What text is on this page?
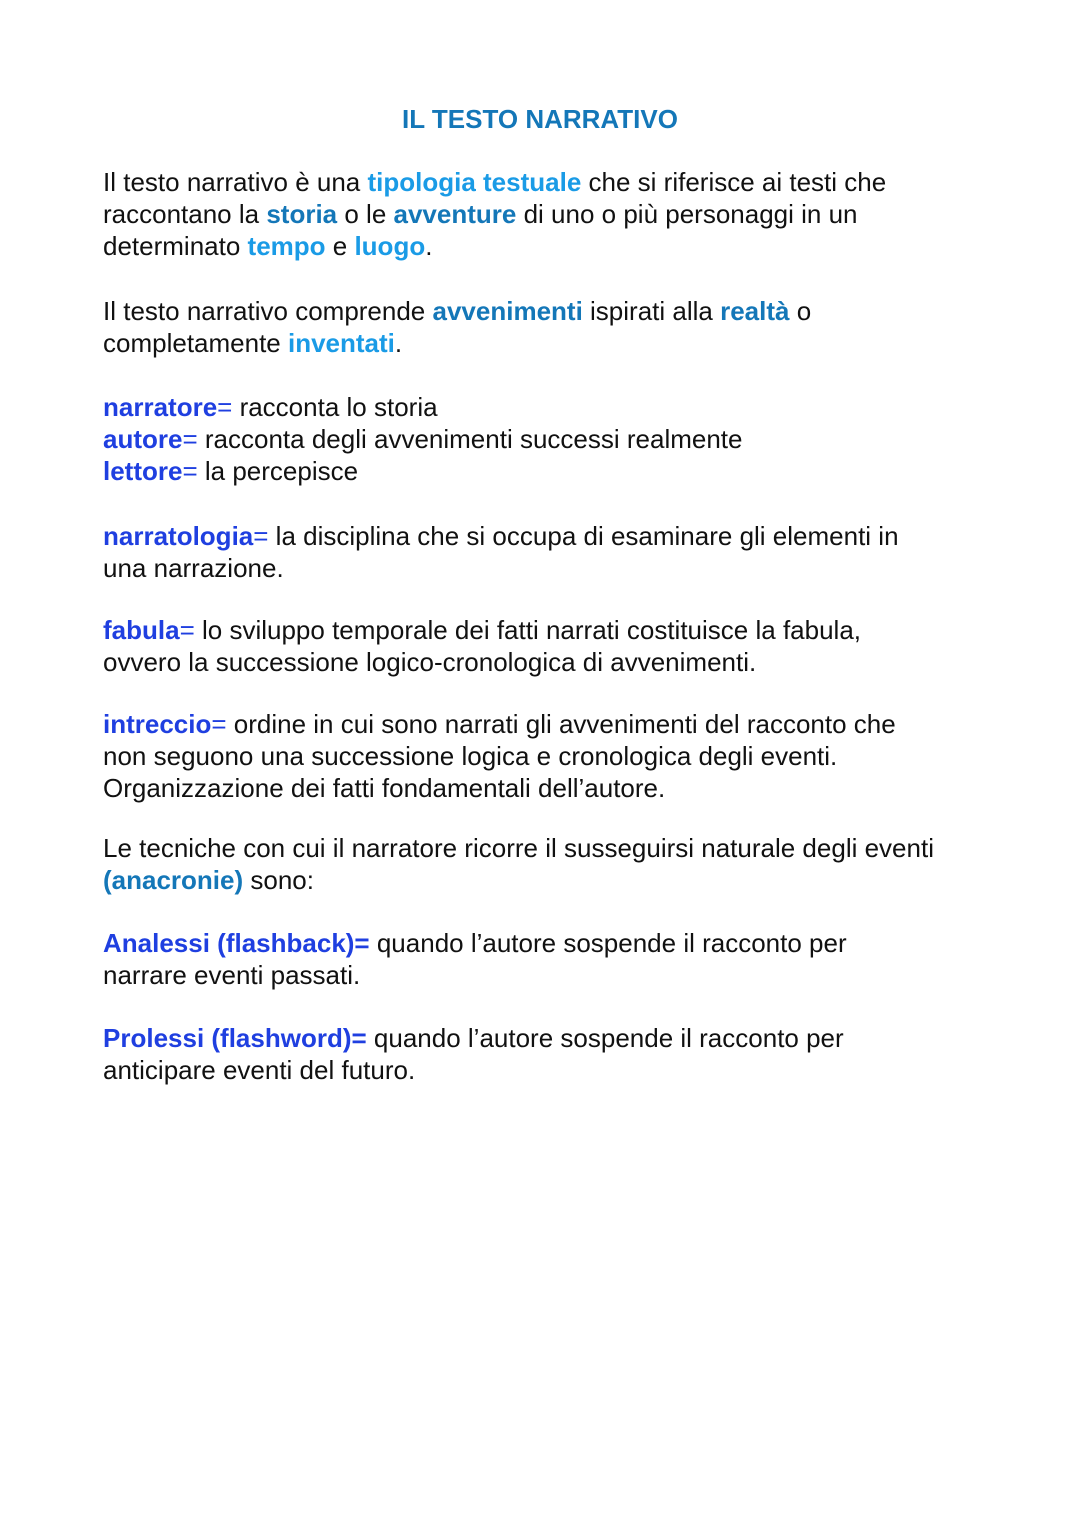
IL TESTO NARRATIVO

Il testo narrativo è una tipologia testuale che si riferisce ai testi che
raccontano la storia o le avventure di uno o più personaggi in un
determinato tempo e luogo.

Il testo narrativo comprende avvenimenti ispirati alla realtà o
completamente inventati.

narratore= racconta lo storia
autore= racconta degli avvenimenti successi realmente
lettore= la percepisce

narratologia= la disciplina che si occupa di esaminare gli elementi in
una narrazione.

fabula= lo sviluppo temporale dei fatti narrati costituisce la fabula,
ovvero la successione logico-cronologica di avvenimenti.

intreccio= ordine in cui sono narrati gli avvenimenti del racconto che
non seguono una successione logica e cronologica degli eventi.
Organizzazione dei fatti fondamentali dell’autore.

Le tecniche con cui il narratore ricorre il susseguirsi naturale degli eventi
(anacronie) sono:

Analessi (flashback)= quando l’autore sospende il racconto per
narrare eventi passati.

Prolessi (flashword)= quando l’autore sospende il racconto per
anticipare eventi del futuro.
